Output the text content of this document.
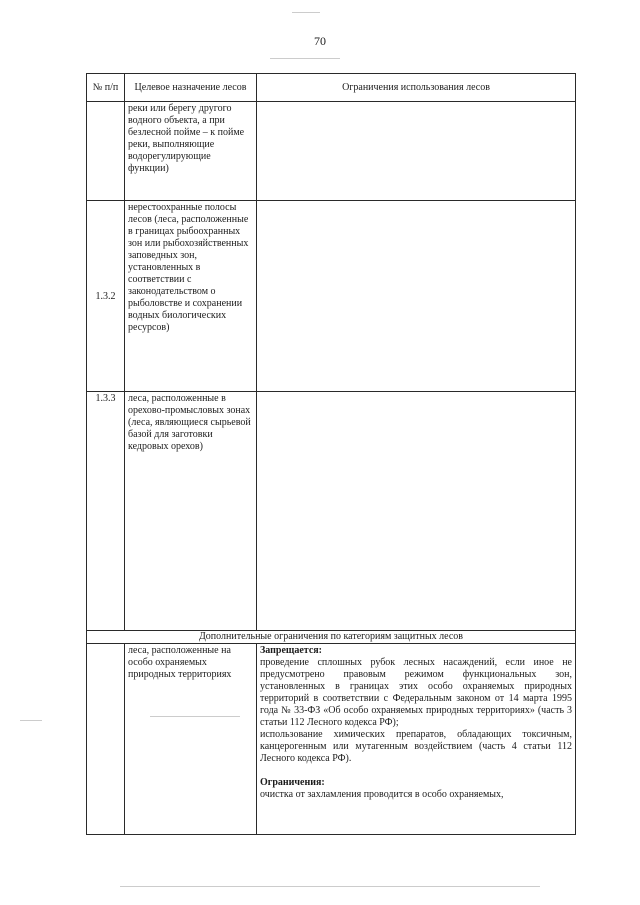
70
№ п/п	Целевое назначение лесов	Ограничения использования лесов
	реки или берегу другого водного объекта, а при безлесной пойме – к пойме реки, выполняющие водорегулирующие функции)	
1.3.2	нерестоохранные полосы лесов (леса, расположенные в границах рыбоохранных зон или рыбохозяйственных заповедных зон, установленных в соответствии с законодательством о рыболовстве и сохранении водных биологических ресурсов)	
1.3.3	леса, расположенные в орехово-промысловых зонах (леса, являющиеся сырьевой базой для заготовки кедровых орехов)	
Дополнительные ограничения по категориям защитных лесов		
	леса, расположенные на особо охраняемых природных территориях	Запрещается:

проведение сплошных рубок лесных насаждений, если иное не предусмотрено правовым режимом функциональных зон, установленных в границах этих особо охраняемых природных территорий в соответствии с Федеральным законом от 14 марта 1995 года № 33-ФЗ «Об особо охраняемых природных территориях» (часть 3 статьи 112 Лесного кодекса РФ);

использование химических препаратов, обладающих токсичным, канцерогенным или мутагенным воздействием (часть 4 статьи 112 Лесного кодекса РФ).

Ограничения:

очистка от захламления проводится в особо охраняемых,
